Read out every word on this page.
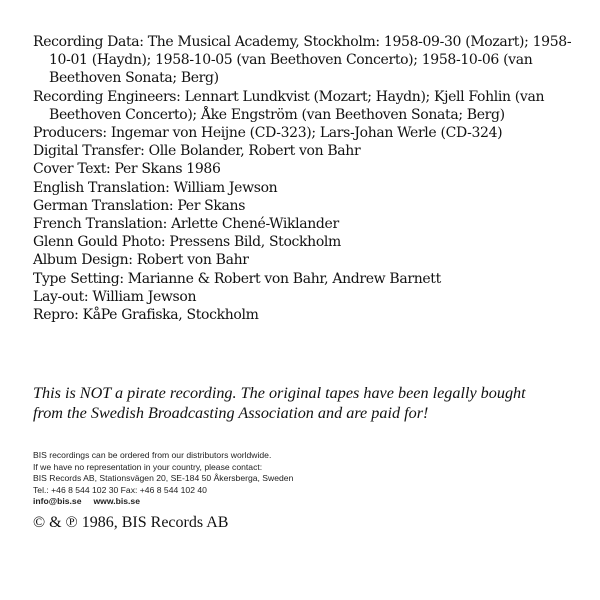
Recording Data: The Musical Academy, Stockholm: 1958-09-30 (Mozart); 1958-10-01 (Haydn); 1958-10-05 (van Beethoven Concerto); 1958-10-06 (van Beethoven Sonata; Berg)

Recording Engineers: Lennart Lundkvist (Mozart; Haydn); Kjell Fohlin (van Beethoven Concerto); Åke Engström (van Beethoven Sonata; Berg)

Producers: Ingemar von Heijne (CD-323); Lars-Johan Werle (CD-324)

Digital Transfer: Olle Bolander, Robert von Bahr

Cover Text: Per Skans 1986

English Translation: William Jewson

German Translation: Per Skans

French Translation: Arlette Chené-Wiklander

Glenn Gould Photo: Pressens Bild, Stockholm

Album Design: Robert von Bahr

Type Setting: Marianne & Robert von Bahr, Andrew Barnett

Lay-out: William Jewson

Repro: KåPe Grafiska, Stockholm

This is NOT a pirate recording. The original tapes have been legally bought
from the Swedish Broadcasting Association and are paid for!
BIS recordings can be ordered from our distributors worldwide.
If we have no representation in your country, please contact:
BIS Records AB, Stationsvägen 20, SE-184 50 Åkersberga, Sweden
Tel.: +46 8 544 102 30 Fax: +46 8 544 102 40
info@bis.se www.bis.se
© & ℗ 1986, BIS Records AB
